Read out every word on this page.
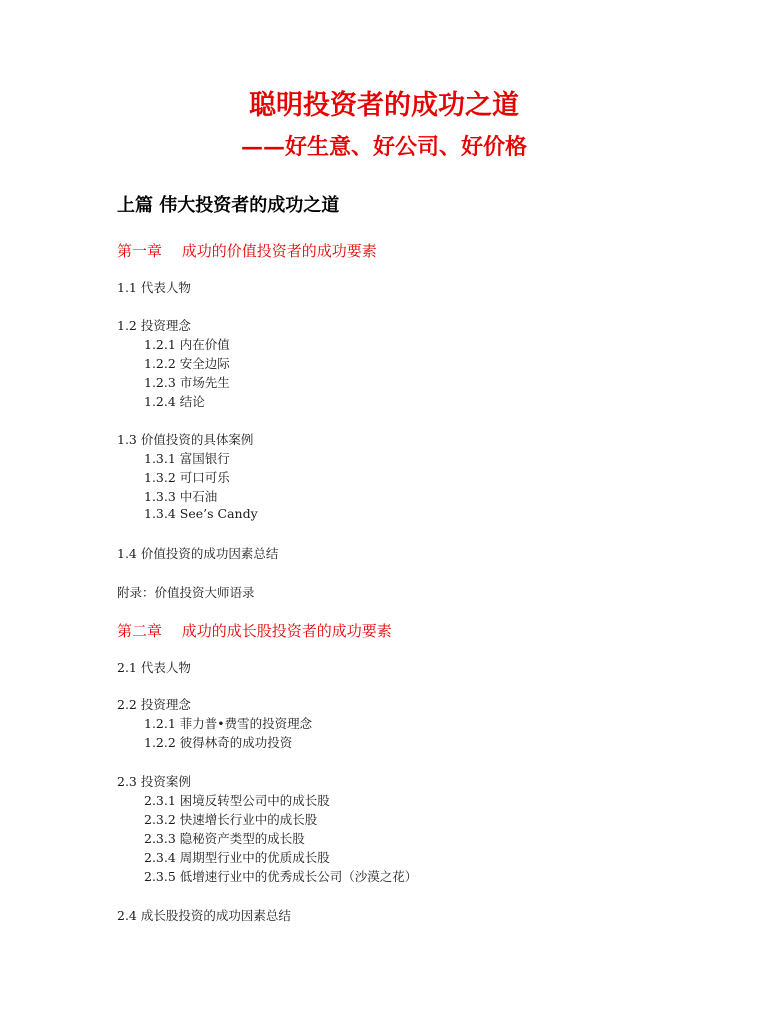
聪明投资者的成功之道
——好生意、好公司、好价格
上篇 伟大投资者的成功之道
第一章　 成功的价值投资者的成功要素
1.1 代表人物
1.2 投资理念
1.2.1 内在价值
1.2.2 安全边际
1.2.3 市场先生
1.2.4 结论
1.3 价值投资的具体案例
1.3.1 富国银行
1.3.2 可口可乐
1.3.3 中石油
1.3.4 See’s Candy
1.4 价值投资的成功因素总结
附录：价值投资大师语录
第二章　 成功的成长股投资者的成功要素
2.1 代表人物
2.2 投资理念
1.2.1 菲力普•费雪的投资理念
1.2.2 彼得林奇的成功投资
2.3 投资案例
2.3.1 困境反转型公司中的成长股
2.3.2 快速增长行业中的成长股
2.3.3 隐秘资产类型的成长股
2.3.4 周期型行业中的优质成长股
2.3.5 低增速行业中的优秀成长公司（沙漠之花）
2.4 成长股投资的成功因素总结
